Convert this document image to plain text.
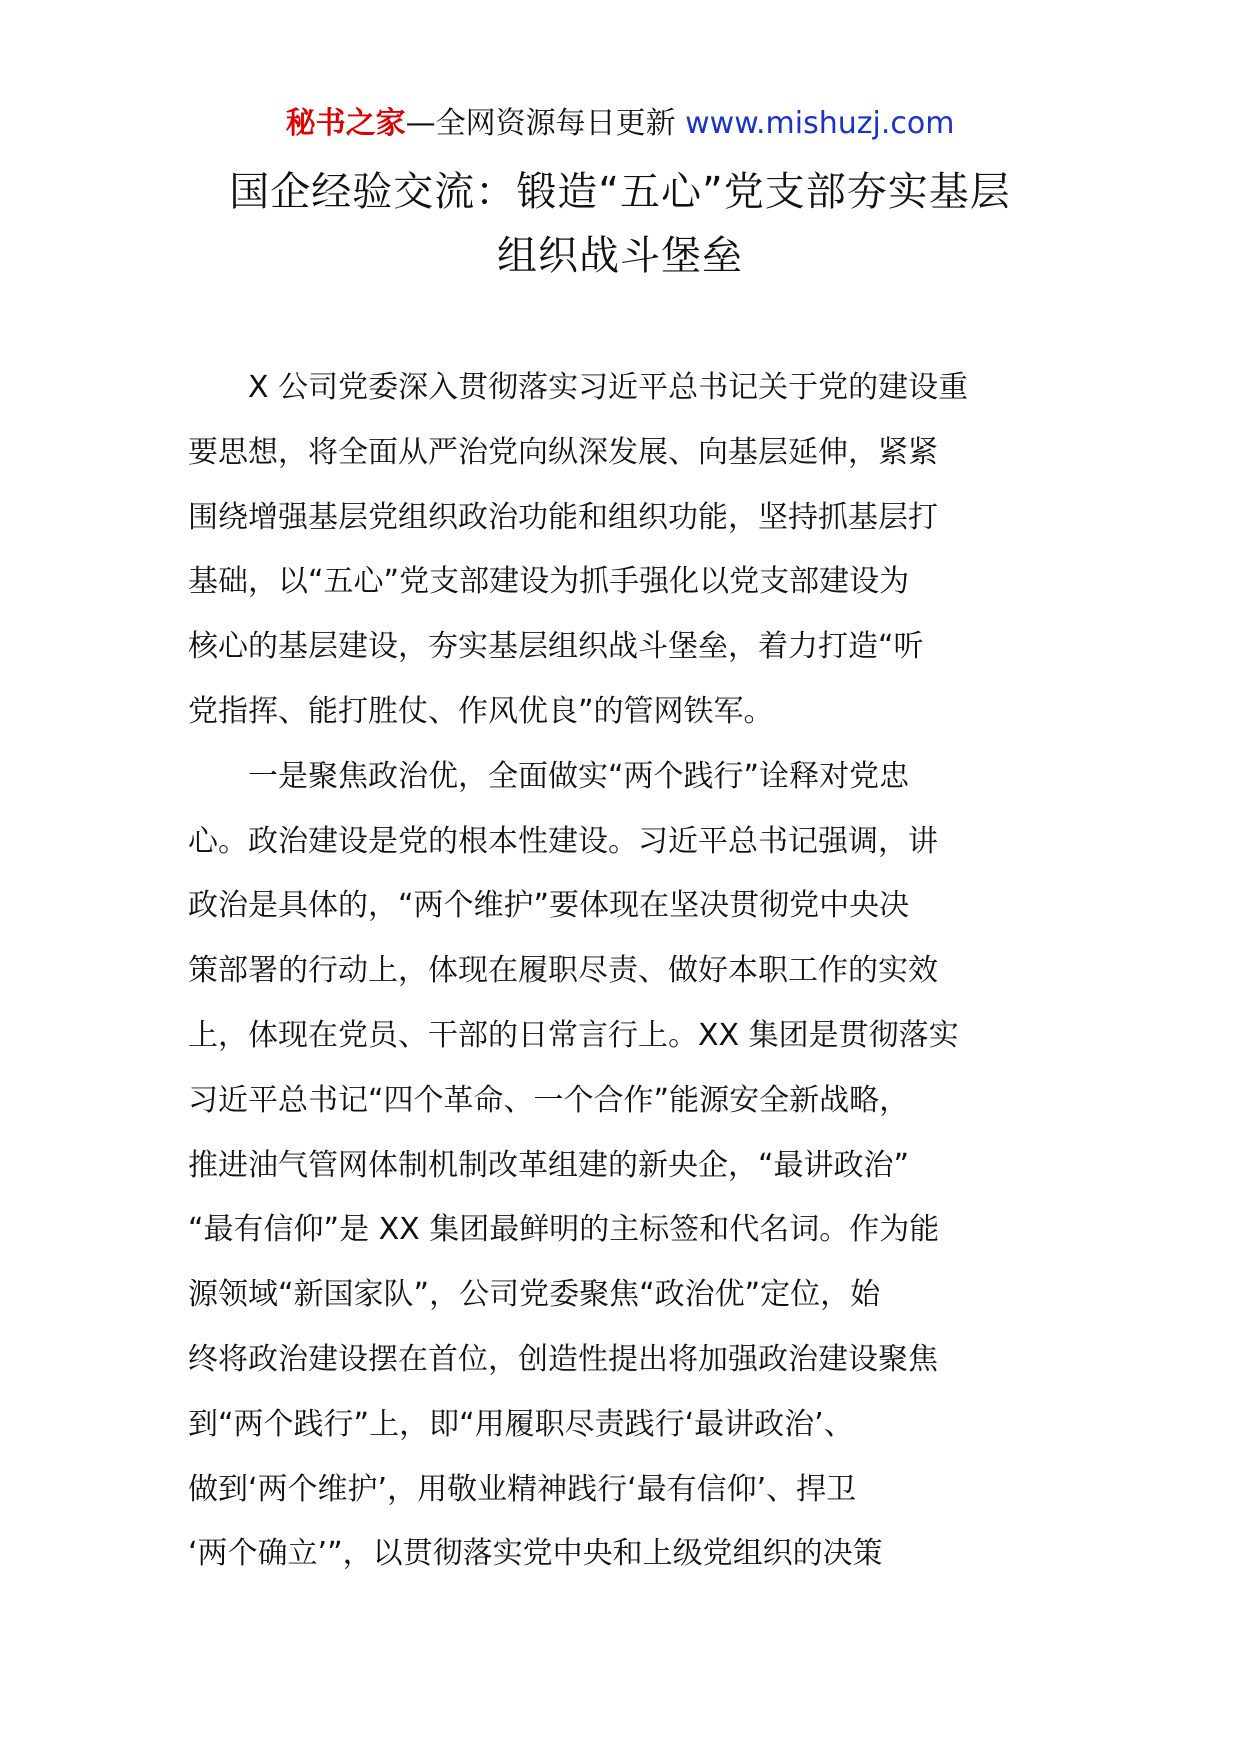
秘书之家—全网资源每日更新 www.mishuzj.com
国企经验交流：锻造“五心”党支部夯实基层
组织战斗堡垒

X 公司党委深入贯彻落实习近平总书记关于党的建设重
要思想，将全面从严治党向纵深发展、向基层延伸，紧紧
围绕增强基层党组织政治功能和组织功能，坚持抓基层打
基础，以“五心”党支部建设为抓手强化以党支部建设为
核心的基层建设，夯实基层组织战斗堡垒，着力打造“听
党指挥、能打胜仗、作风优良”的管网铁军。

一是聚焦政治优，全面做实“两个践行”诠释对党忠
心。政治建设是党的根本性建设。习近平总书记强调，讲
政治是具体的，“两个维护”要体现在坚决贯彻党中央决
策部署的行动上，体现在履职尽责、做好本职工作的实效
上，体现在党员、干部的日常言行上。XX 集团是贯彻落实
习近平总书记“四个革命、一个合作”能源安全新战略，
推进油气管网体制机制改革组建的新央企，“最讲政治”
“最有信仰”是 XX 集团最鲜明的主标签和代名词。作为能
源领域“新国家队”，公司党委聚焦“政治优”定位，始
终将政治建设摆在首位，创造性提出将加强政治建设聚焦
到“两个践行”上，即“用履职尽责践行‘最讲政治’、
做到‘两个维护’，用敬业精神践行‘最有信仰’、捍卫
‘两个确立’”，以贯彻落实党中央和上级党组织的决策
